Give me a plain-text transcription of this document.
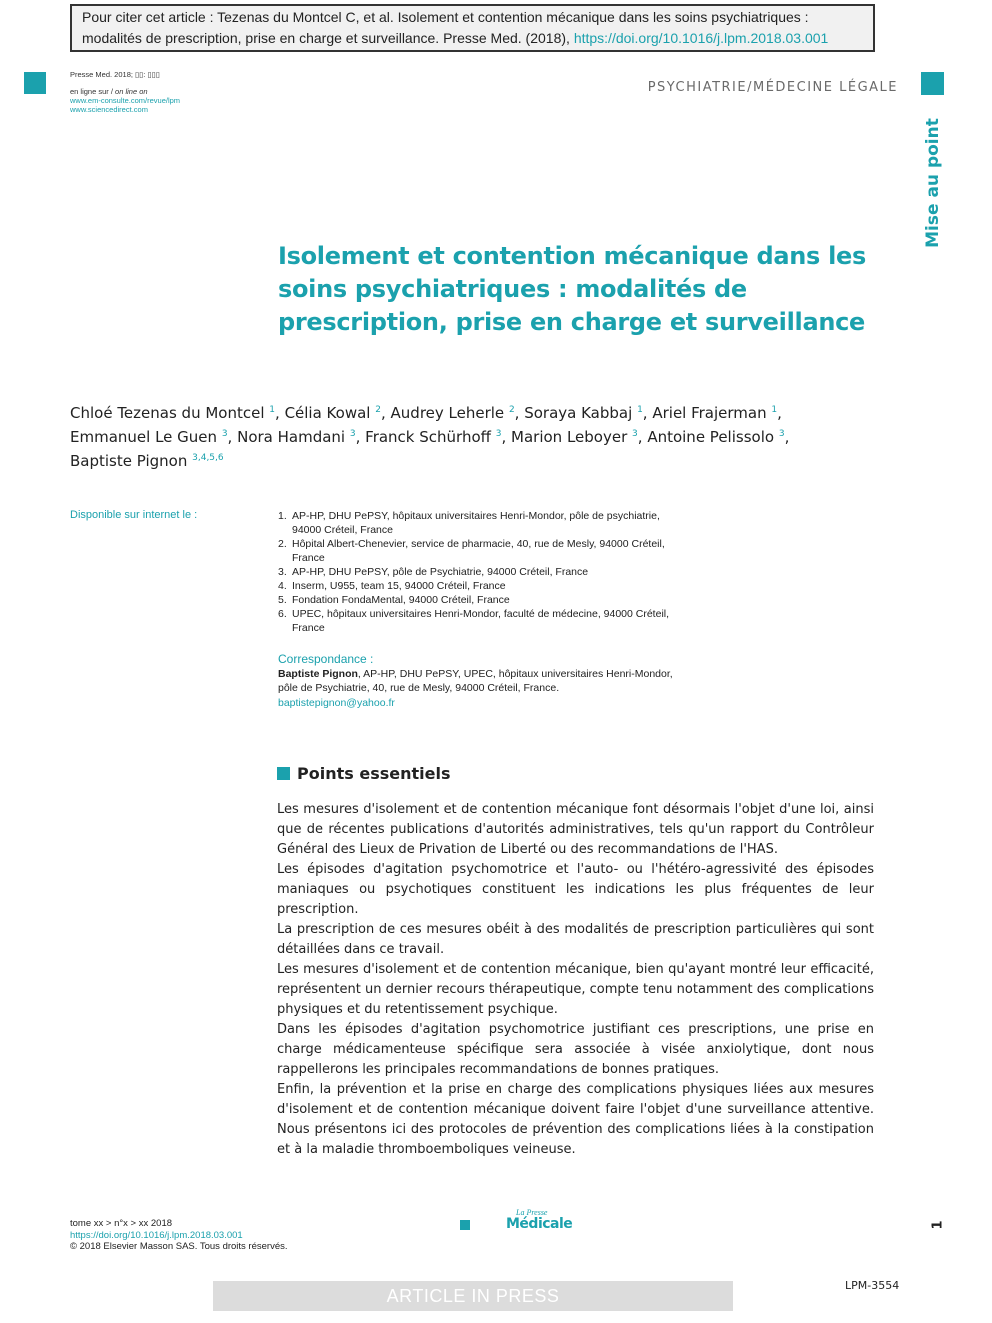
Pour citer cet article : Tezenas du Montcel C, et al. Isolement et contention mécanique dans les soins psychiatriques : modalités de prescription, prise en charge et surveillance. Presse Med. (2018), https://doi.org/10.1016/j.lpm.2018.03.001
Presse Med. 2018; ▯▯: ▯▯▯
en ligne sur / on line on
www.em-consulte.com/revue/lpm
www.sciencedirect.com
PSYCHIATRIE/MÉDECINE LÉGALE
Mise au point
Isolement et contention mécanique dans les soins psychiatriques : modalités de prescription, prise en charge et surveillance
Chloé Tezenas du Montcel $^1$, Célia Kowal $^2$, Audrey Leherle $^2$, Soraya Kabbaj $^1$, Ariel Frajerman $^1$,
Emmanuel Le Guen $^3$, Nora Hamdani $^3$, Franck Schürhoff $^3$, Marion Leboyer $^3$, Antoine Pelissolo $^3$,
Baptiste Pignon $^{3,4,5,6}$
Disponible sur internet le :	1. AP-HP, DHU PePSY, hôpitaux universitaires Henri-Mondor, pôle de psychiatrie,
94000 Créteil, France
2. Hôpital Albert-Chenevier, service de pharmacie, 40, rue de Mesly, 94000 Créteil,
France
3. AP-HP, DHU PePSY, pôle de Psychiatrie, 94000 Créteil, France
4. Inserm, U955, team 15, 94000 Créteil, France
5. Fondation FondaMental, 94000 Créteil, France
6. UPEC, hôpitaux universitaires Henri-Mondor, faculté de médecine, 94000 Créteil,
France
Correspondance :
Baptiste Pignon, AP-HP, DHU PePSY, UPEC, hôpitaux universitaires Henri-Mondor,
pôle de Psychiatrie, 40, rue de Mesly, 94000 Créteil, France.
baptistepignon@yahoo.fr
Points essentiels

Les mesures d'isolement et de contention mécanique font désormais l'objet d'une loi, ainsi que de récentes publications d'autorités administratives, tels qu'un rapport du Contrôleur Général des Lieux de Privation de Liberté ou des recommandations de l'HAS.

Les épisodes d'agitation psychomotrice et l'auto- ou l'hétéro-agressivité des épisodes maniaques ou psychotiques constituent les indications les plus fréquentes de leur prescription.

La prescription de ces mesures obéit à des modalités de prescription particulières qui sont détaillées dans ce travail.

Les mesures d'isolement et de contention mécanique, bien qu'ayant montré leur efficacité, représentent un dernier recours thérapeutique, compte tenu notamment des complications physiques et du retentissement psychique.

Dans les épisodes d'agitation psychomotrice justifiant ces prescriptions, une prise en charge médicamenteuse spécifique sera associée à visée anxiolytique, dont nous rappellerons les principales recommandations de bonnes pratiques.

Enfin, la prévention et la prise en charge des complications physiques liées aux mesures d'isolement et de contention mécanique doivent faire l'objet d'une surveillance attentive. Nous présentons ici des protocoles de prévention des complications liées à la constipation et à la maladie thromboemboliques veineuse.

tome xx > n°x > xx 2018
https://doi.org/10.1016/j.lpm.2018.03.001
© 2018 Elsevier Masson SAS. Tous droits réservés.
La Presse
Médicale	1
ARTICLE IN PRESS
LPM-3554
